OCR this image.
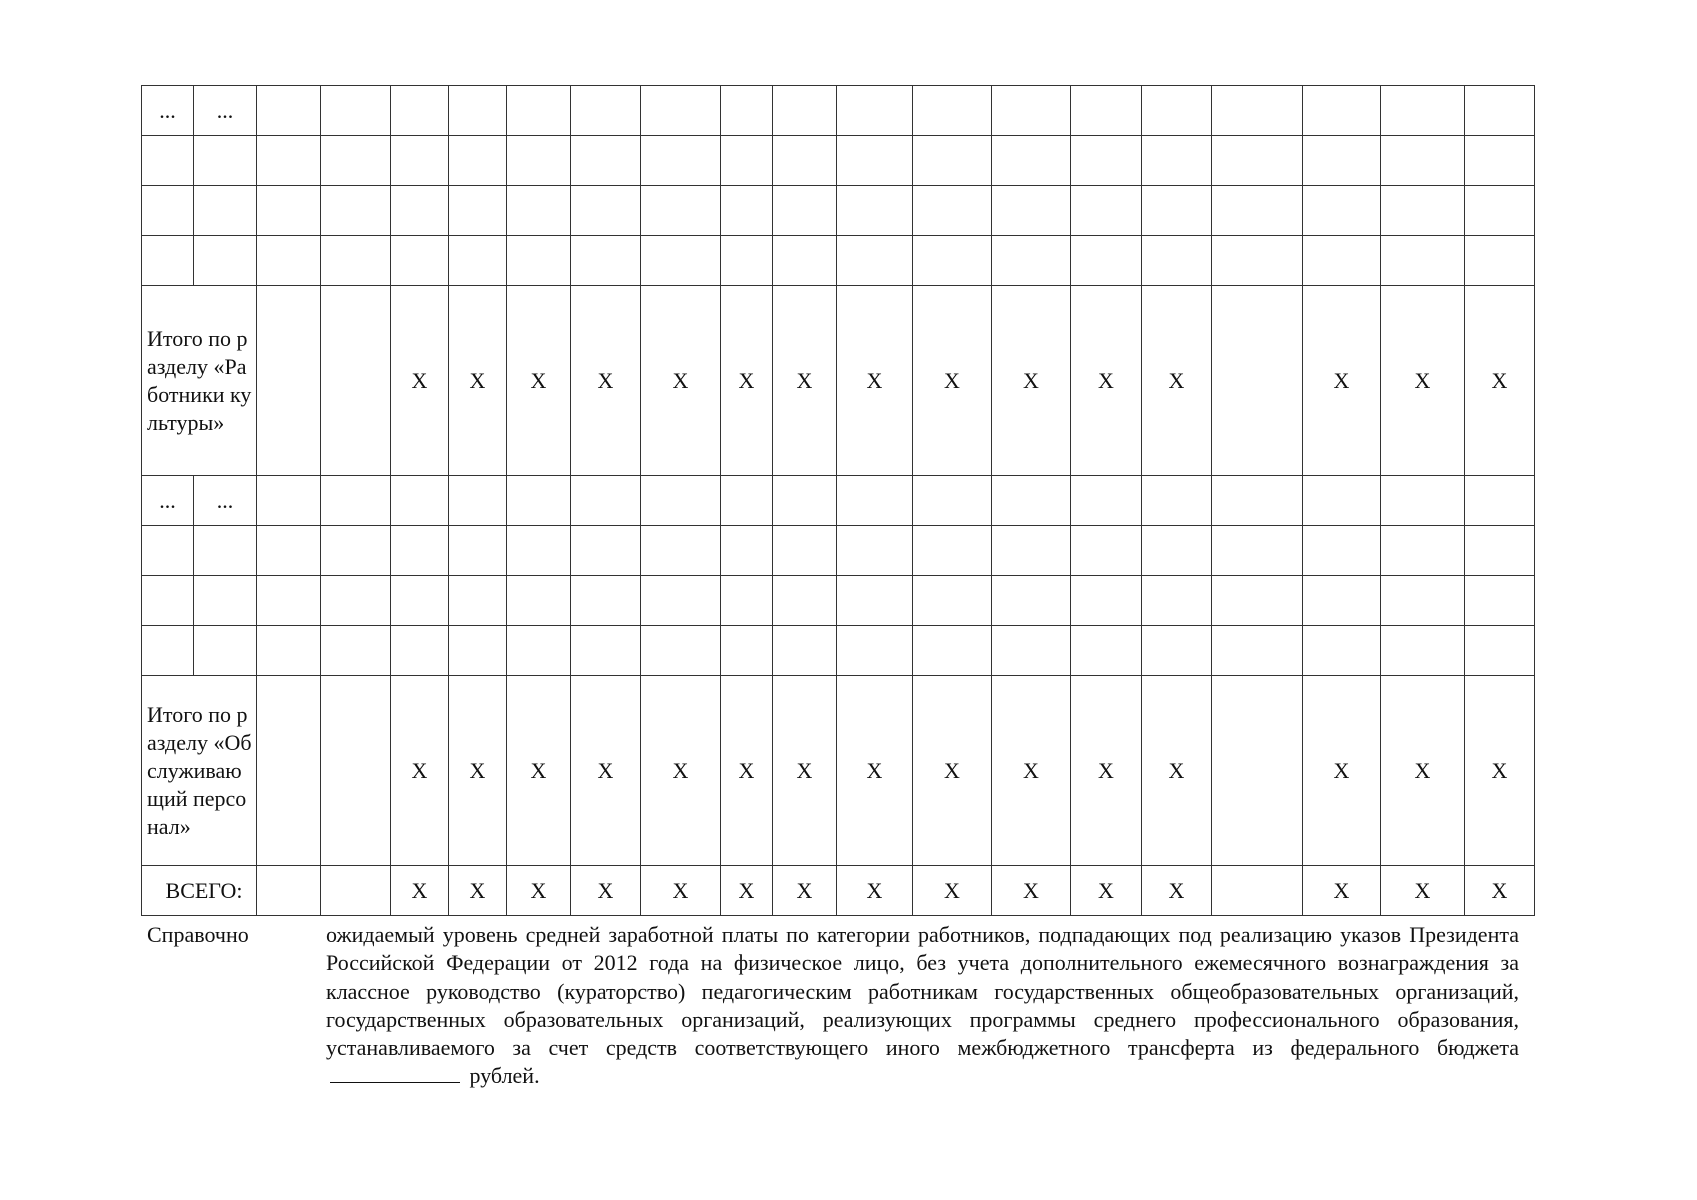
...	...																		

Итого по разделу «Работники культуры»				X	X	X	X	X	X	X	X	X	X	X	X		X	X	X
...	...																		

Итого по разделу «Обслуживающий персонал»				X	X	X	X	X	X	X	X	X	X	X	X		X	X	X
ВСЕГО:				X	X	X	X	X	X	X	X	X	X	X	X		X	X	X
Справочно	ожидаемый уровень средней заработной платы по категории работников, подпадающих под реализацию указов Президента Российской Федерации от 2012 года на физическое лицо, без учета дополнительного ежемесячного вознаграждения за классное руководство (кураторство) педагогическим работникам государственных общеобразовательных организаций, государственных образовательных организаций, реализующих программы среднего профессионального образования, устанавливаемого за счет средств соответствующего иного межбюджетного трансферта из федерального бюджета  рублей.
